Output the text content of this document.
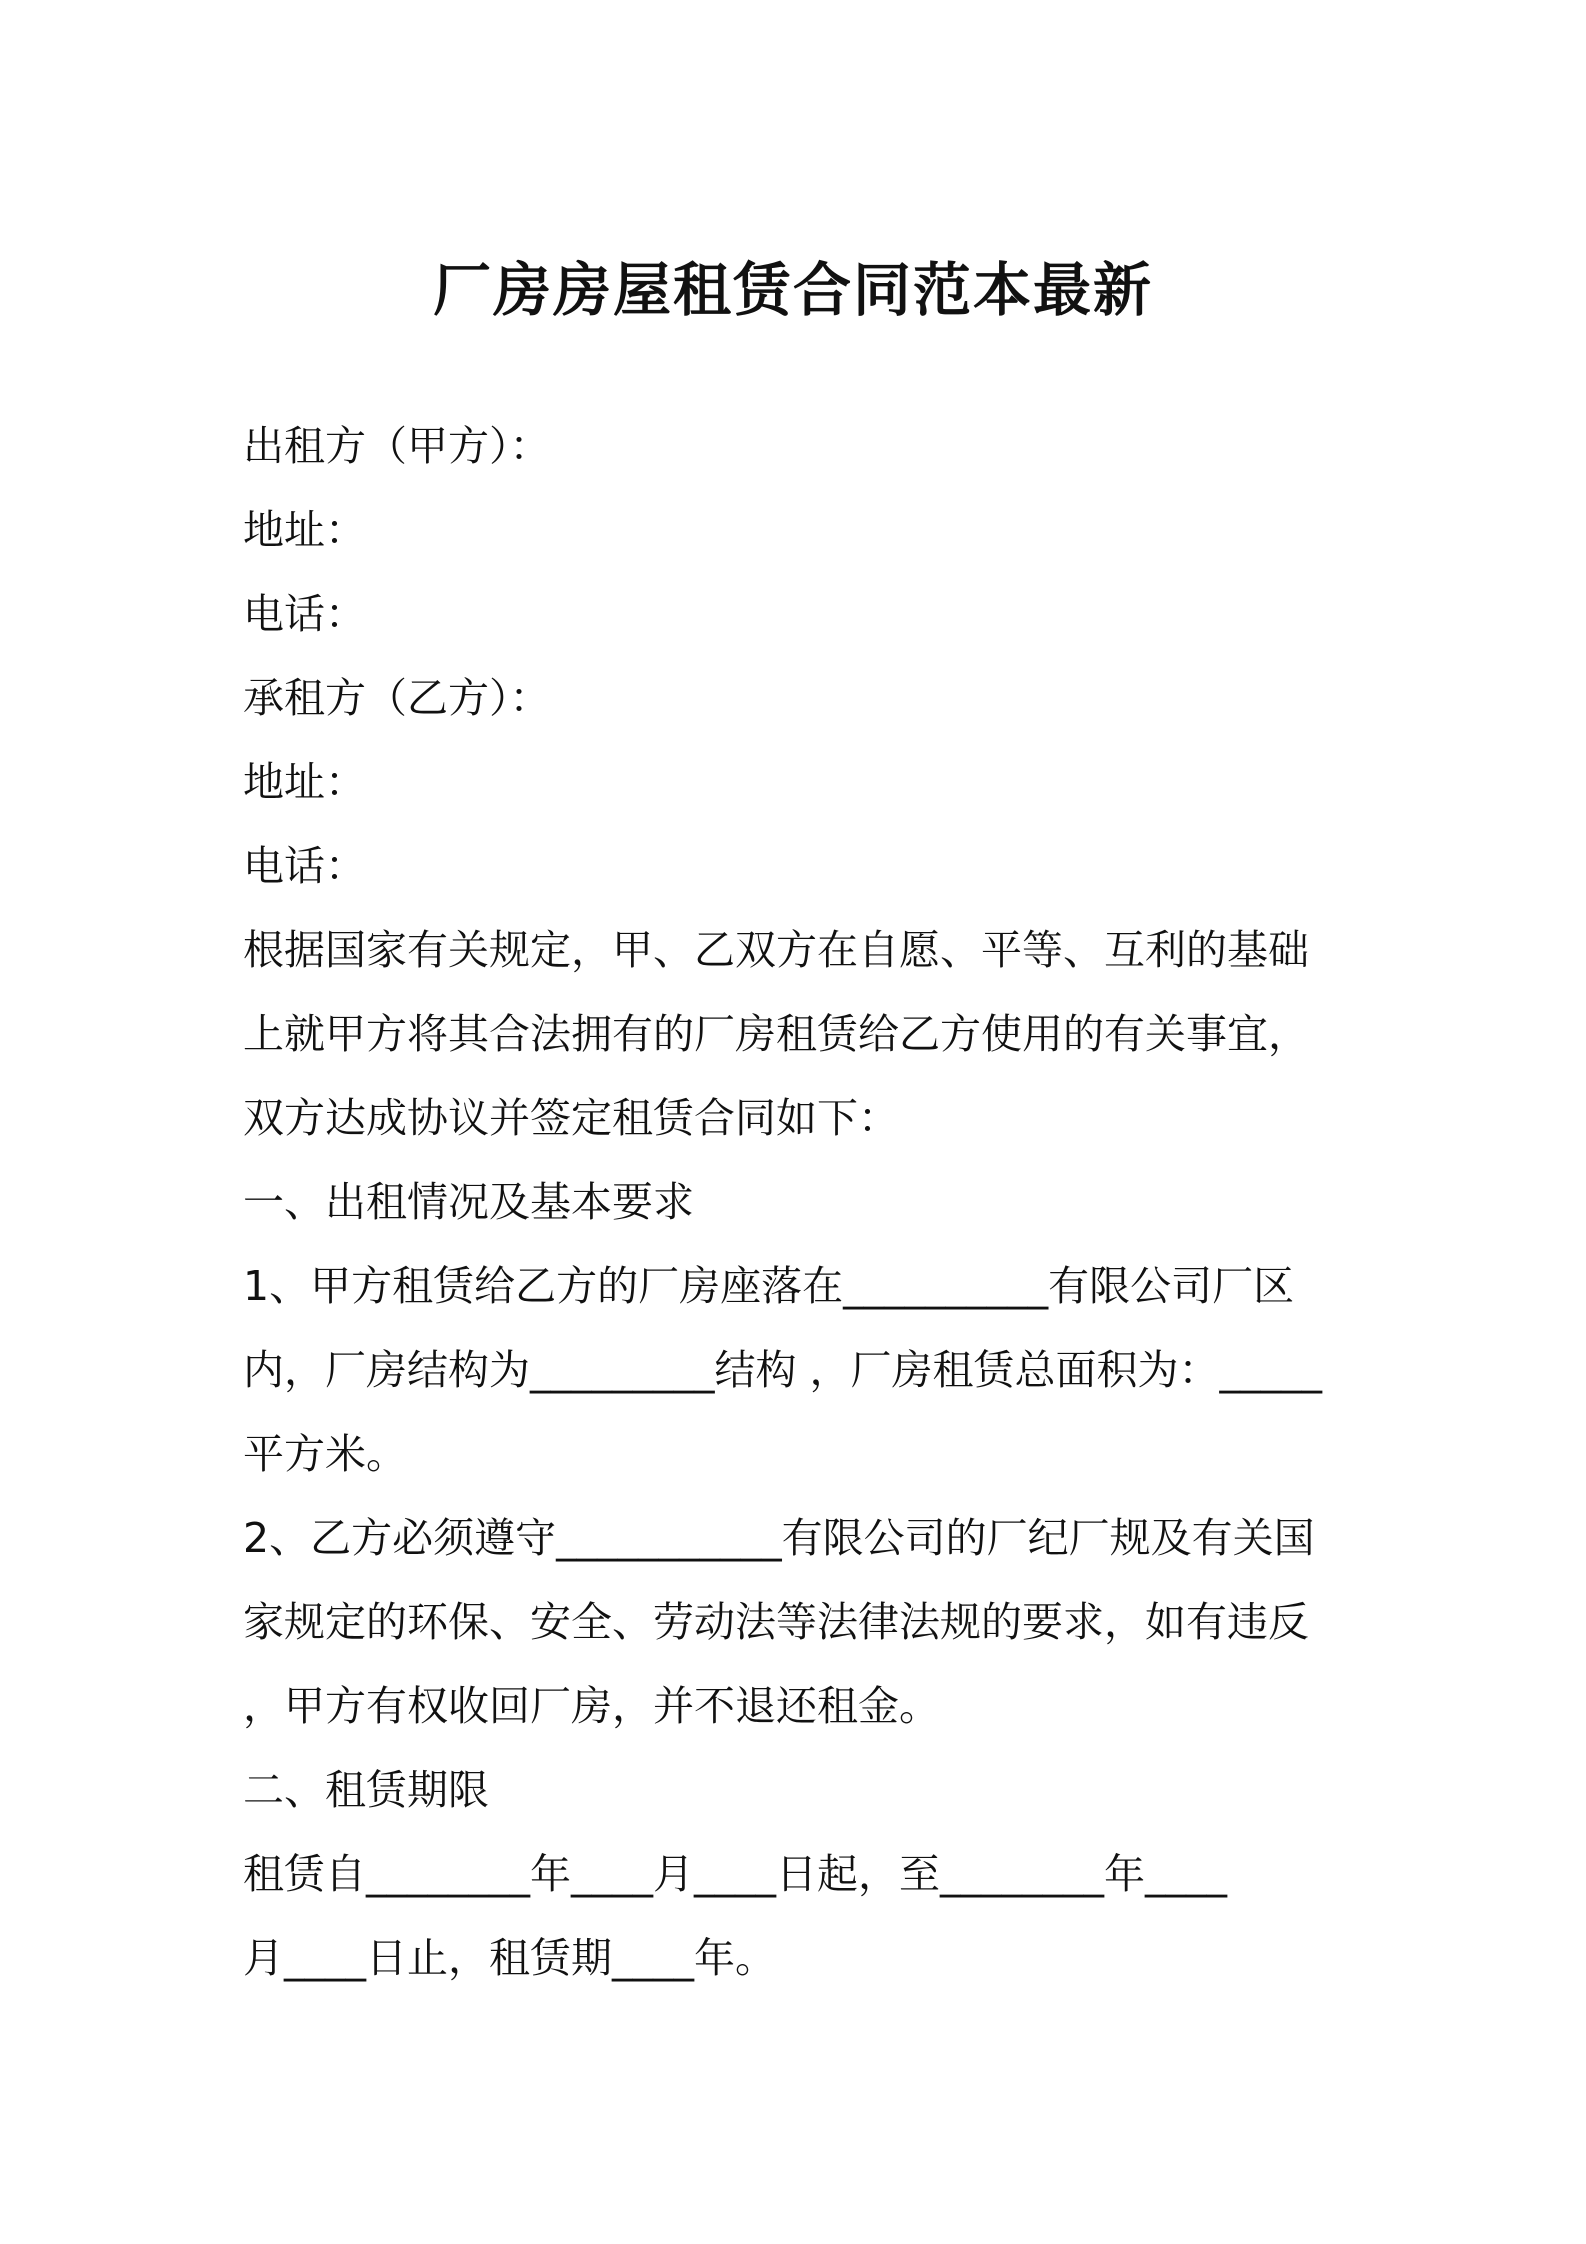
厂房房屋租赁合同范本最新
出租方（甲方）：
地址：
电话：
承租方（乙方）：
地址：
电话：
根据国家有关规定，甲、乙双方在自愿、平等、互利的基础
上就甲方将其合法拥有的厂房租赁给乙方使用的有关事宜，
双方达成协议并签定租赁合同如下：
一、出租情况及基本要求
1、甲方租赁给乙方的厂房座落在__________有限公司厂区
内，厂房结构为_________结构 ，厂房租赁总面积为：_____
平方米。
2、乙方必须遵守___________有限公司的厂纪厂规及有关国
家规定的环保、安全、劳动法等法律法规的要求，如有违反
，甲方有权收回厂房，并不退还租金。
二、租赁期限
租赁自________年____月____日起，至________年____
月____日止，租赁期____年。
